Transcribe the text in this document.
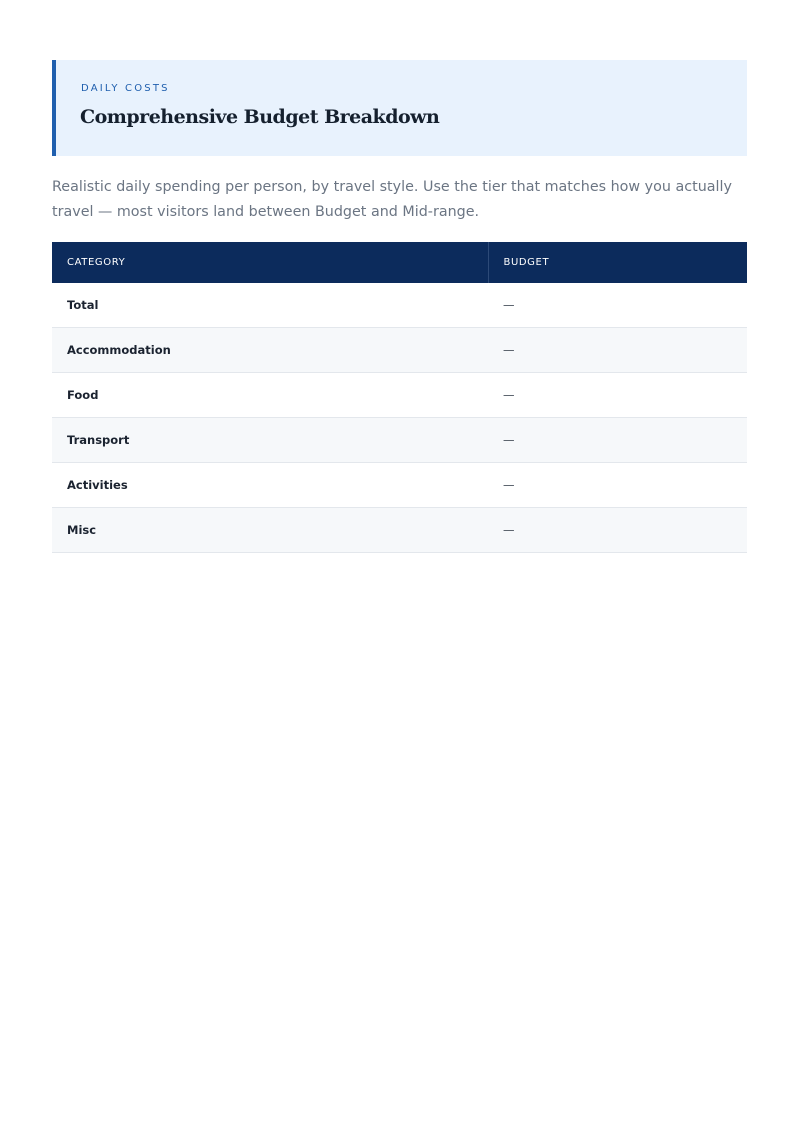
DAILY COSTS
Comprehensive Budget Breakdown

Realistic daily spending per person, by travel style. Use the tier that matches how you actually travel — most visitors land between Budget and Mid-range.

CATEGORY	BUDGET
Total	—
Accommodation	—
Food	—
Transport	—
Activities	—
Misc	—
